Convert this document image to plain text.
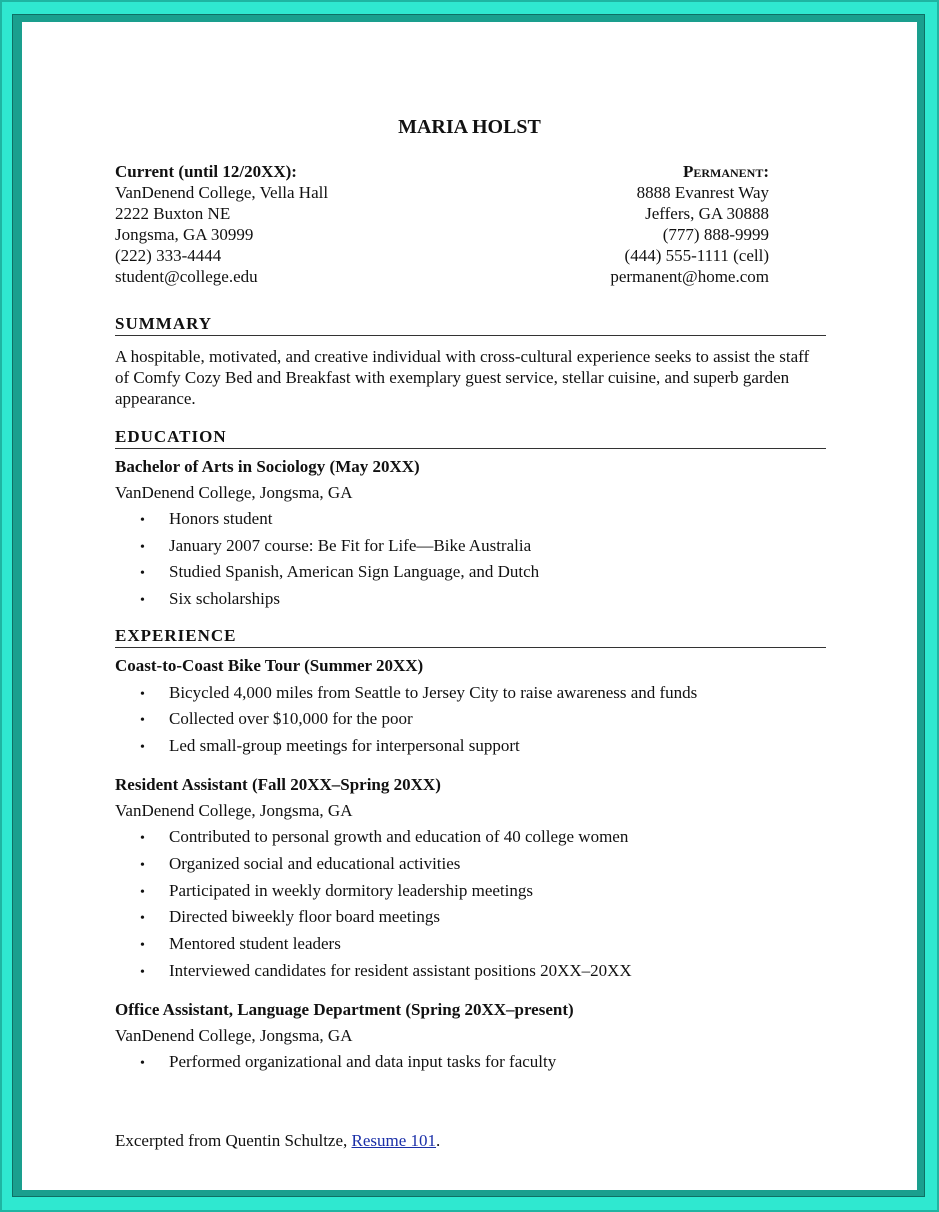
MARIA HOLST
Current (until 12/20XX):
VanDenend College, Vella Hall
2222 Buxton NE
Jongsma, GA 30999
(222) 333-4444
student@college.edu
Permanent:
8888 Evanrest Way
Jeffers, GA 30888
(777) 888-9999
(444) 555-1111 (cell)
permanent@home.com
SUMMARY
A hospitable, motivated, and creative individual with cross-cultural experience seeks to assist the staff of Comfy Cozy Bed and Breakfast with exemplary guest service, stellar cuisine, and superb garden appearance.
EDUCATION
Bachelor of Arts in Sociology (May 20XX)
VanDenend College, Jongsma, GA
• Honors student
• January 2007 course: Be Fit for Life—Bike Australia
• Studied Spanish, American Sign Language, and Dutch
• Six scholarships
EXPERIENCE
Coast-to-Coast Bike Tour (Summer 20XX)
• Bicycled 4,000 miles from Seattle to Jersey City to raise awareness and funds
• Collected over $10,000 for the poor
• Led small-group meetings for interpersonal support
Resident Assistant (Fall 20XX–Spring 20XX)
VanDenend College, Jongsma, GA
• Contributed to personal growth and education of 40 college women
• Organized social and educational activities
• Participated in weekly dormitory leadership meetings
• Directed biweekly floor board meetings
• Mentored student leaders
• Interviewed candidates for resident assistant positions 20XX–20XX
Office Assistant, Language Department (Spring 20XX–present)
VanDenend College, Jongsma, GA
• Performed organizational and data input tasks for faculty
Excerpted from Quentin Schultze, Resume 101.
